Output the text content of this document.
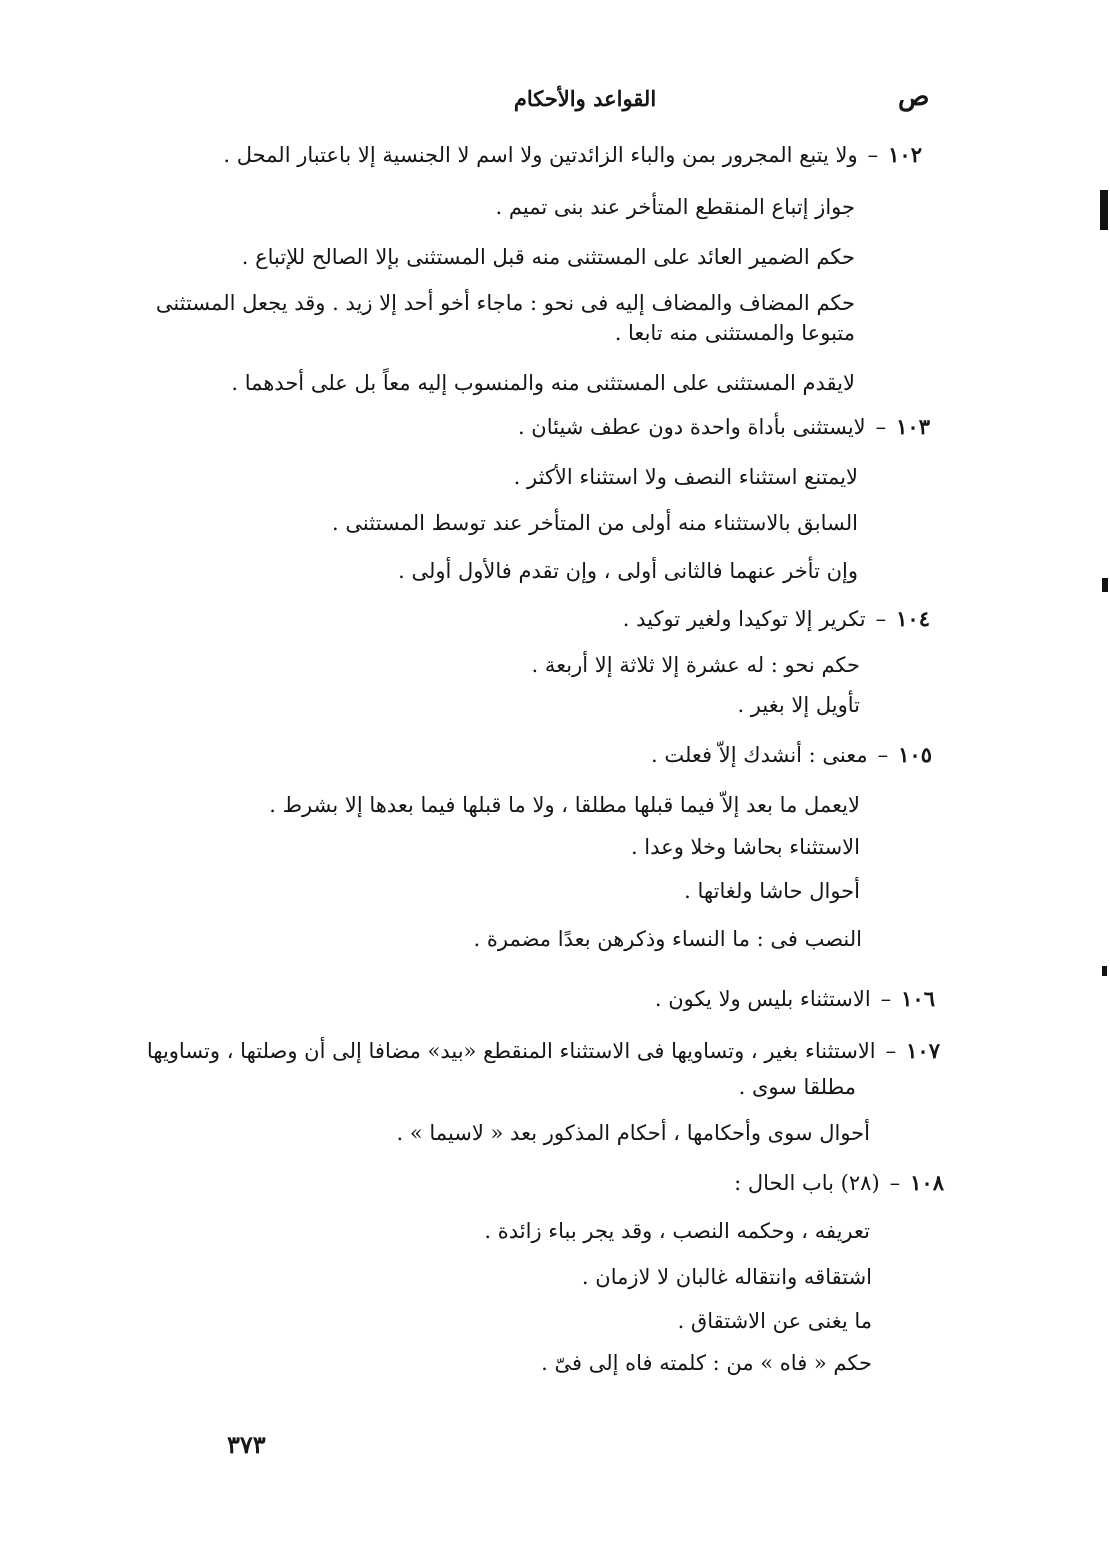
القواعد والأحكام	ص
١٠٢–ولا يتبع المجرور بمن والباء الزائدتين ولا اسم لا الجنسية إلا باعتبار المحل .
جواز إتباع المنقطع المتأخر عند بنى تميم .
حكم الضمير العائد على المستثنى منه قبل المستثنى بإلا الصالح للإتباع .
حكم المضاف والمضاف إليه فى نحو : ماجاء أخو أحد إلا زيد . وقد يجعل المستثنى
متبوعا والمستثنى منه تابعا .
لايقدم المستثنى على المستثنى منه والمنسوب إليه معاً بل على أحدهما .
١٠٣–لايستثنى بأداة واحدة دون عطف شيئان .
لايمتنع استثناء النصف ولا استثناء الأكثر .
السابق بالاستثناء منه أولى من المتأخر عند توسط المستثنى .
وإن تأخر عنهما فالثانى أولى ، وإن تقدم فالأول أولى .
١٠٤–تكرير إلا توكيدا ولغير توكيد .
حكم نحو : له عشرة إلا ثلاثة إلا أربعة .
تأويل إلا بغير .
١٠٥–معنى : أنشدك إلاّ فعلت .
لايعمل ما بعد إلاّ فيما قبلها مطلقا ، ولا ما قبلها فيما بعدها إلا بشرط .
الاستثناء بحاشا وخلا وعدا .
أحوال حاشا ولغاتها .
النصب فى : ما النساء وذكرهن بعدًا مضمرة .
١٠٦–الاستثناء بليس ولا يكون .
١٠٧–الاستثناء بغير ، وتساويها فى الاستثناء المنقطع «بيد» مضافا إلى أن وصلتها ، وتساويها
مطلقا سوى .
أحوال سوى وأحكامها ، أحكام المذكور بعد « لاسيما » .
١٠٨–(٢٨) باب الحال :
تعريفه ، وحكمه النصب ، وقد يجر بباء زائدة .
اشتقاقه وانتقاله غالبان لا لازمان .
ما يغنى عن الاشتقاق .
حكم « فاه » من : كلمته فاه إلى فىّ .
٣٧٣
